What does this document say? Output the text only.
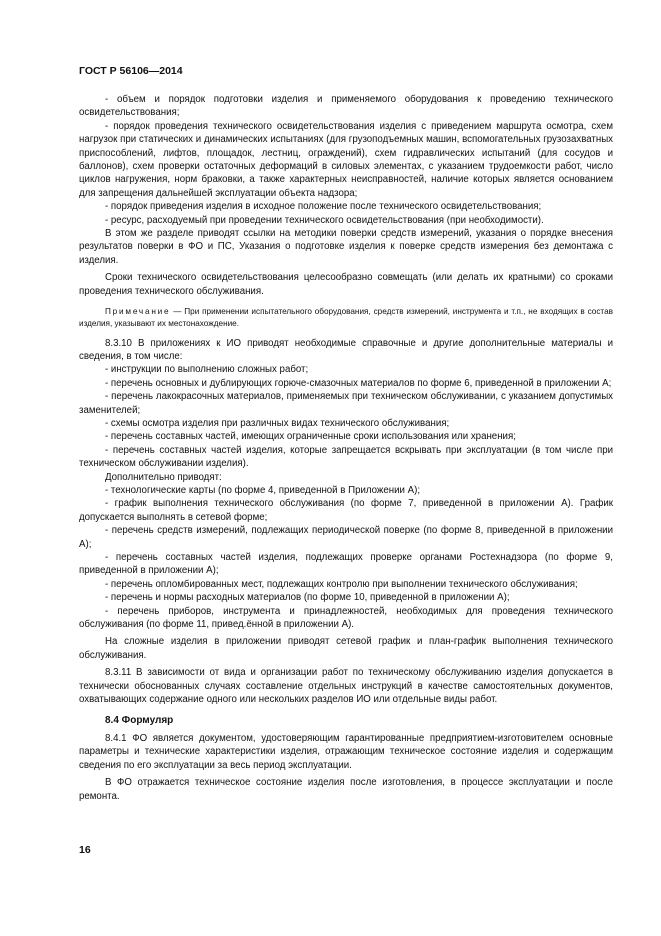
ГОСТ Р 56106—2014

- объем и порядок подготовки изделия и применяемого оборудования к проведению технического освидетельствования;

- порядок проведения технического освидетельствования изделия с приведением маршрута осмотра, схем нагрузок при статических и динамических испытаниях (для грузоподъемных машин, вспомогательных грузозахватных приспособлений, лифтов, площадок, лестниц, ограждений), схем гидравлических испытаний (для сосудов и баллонов), схем проверки остаточных деформаций в силовых элементах, с указанием трудоемкости работ, число циклов нагружения, норм браковки, а также характерных неисправностей, наличие которых является основанием для запрещения дальнейшей эксплуатации объекта надзора;

- порядок приведения изделия в исходное положение после технического освидетельствования;

- ресурс, расходуемый при проведении технического освидетельствования (при необходимости).

В этом же разделе приводят ссылки на методики поверки средств измерений, указания о порядке внесения результатов поверки в ФО и ПС, Указания о подготовке изделия к поверке средств измерения без демонтажа с изделия.

Сроки технического освидетельствования целесообразно совмещать (или делать их кратными) со сроками проведения технического обслуживания.

Примечание — При применении испытательного оборудования, средств измерений, инструмента и т.п., не входящих в состав изделия, указывают их местонахождение.

8.3.10 В приложениях к ИО приводят необходимые справочные и другие дополнительные материалы и сведения, в том числе:

- инструкции по выполнению сложных работ;

- перечень основных и дублирующих горюче-смазочных материалов по форме 6, приведенной в приложении А;

- перечень лакокрасочных материалов, применяемых при техническом обслуживании, с указанием допустимых заменителей;

- схемы осмотра изделия при различных видах технического обслуживания;

- перечень составных частей, имеющих ограниченные сроки использования или хранения;

- перечень составных частей изделия, которые запрещается вскрывать при эксплуатации (в том числе при техническом обслуживании изделия).

Дополнительно приводят:

- технологические карты (по форме 4, приведенной в Приложении А);

- график выполнения технического обслуживания (по форме 7, приведенной в приложении А). График допускается выполнять в сетевой форме;

- перечень средств измерений, подлежащих периодической поверке (по форме 8, приведенной в приложении А);

- перечень составных частей изделия, подлежащих проверке органами Ростехнадзора (по форме 9, приведенной в приложении А);

- перечень опломбированных мест, подлежащих контролю при выполнении технического обслуживания;

- перечень и нормы расходных материалов (по форме 10, приведенной в приложении А);

- перечень приборов, инструмента и принадлежностей, необходимых для проведения технического обслуживания (по форме 11, привед.ённой в приложении А).

На сложные изделия в приложении приводят сетевой график и план-график выполнения технического обслуживания.

8.3.11 В зависимости от вида и организации работ по техническому обслуживанию изделия допускается в технически обоснованных случаях составление отдельных инструкций в качестве самостоятельных документов, охватывающих содержание одного или нескольких разделов ИО или отдельные виды работ.

8.4 Формуляр

8.4.1 ФО является документом, удостоверяющим гарантированные предприятием-изготовителем основные параметры и технические характеристики изделия, отражающим техническое состояние изделия и содержащим сведения по его эксплуатации за весь период эксплуатации.

В ФО отражается техническое состояние изделия после изготовления, в процессе эксплуатации и после ремонта.

16
